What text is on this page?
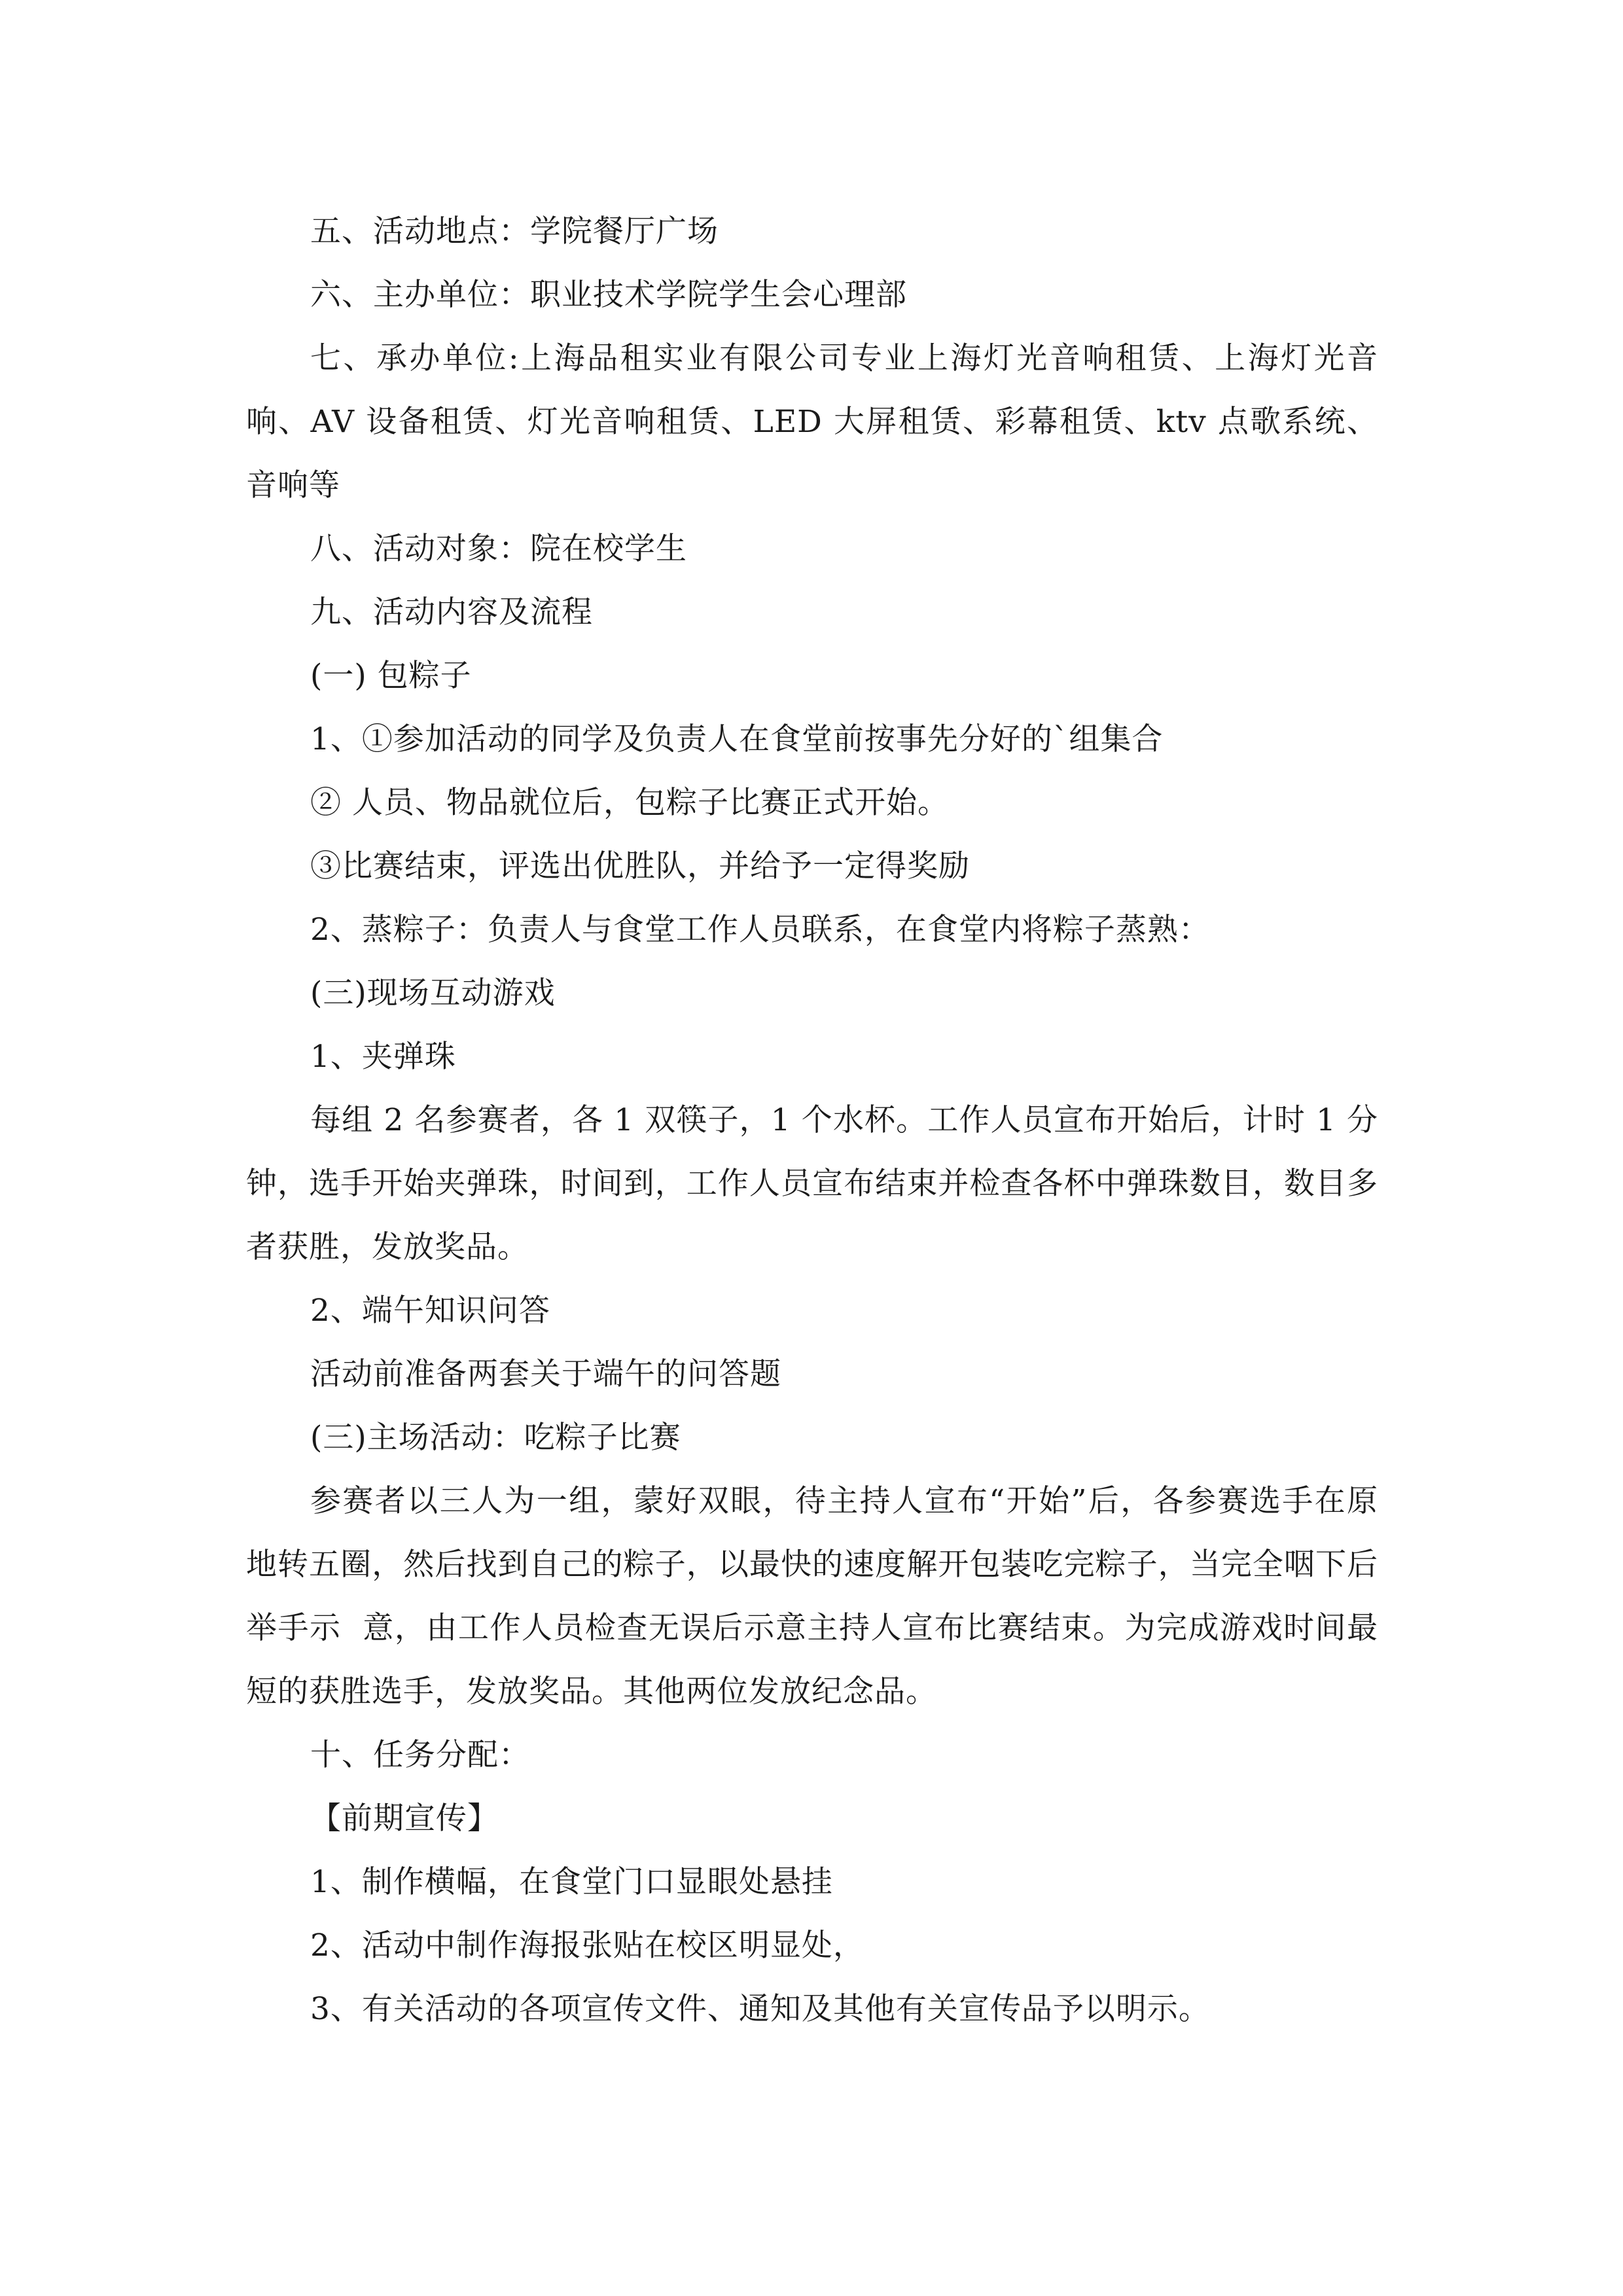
五、活动地点：学院餐厅广场

六、主办单位：职业技术学院学生会心理部

七、承办单位:上海品租实业有限公司专业上海灯光音响租赁、上海灯光音响、AV 设备租赁、灯光音响租赁、LED 大屏租赁、彩幕租赁、ktv 点歌系统、音响等

八、活动对象：院在校学生

九、活动内容及流程

(一) 包粽子

1、①参加活动的同学及负责人在食堂前按事先分好的`组集合

② 人员、物品就位后，包粽子比赛正式开始。

③比赛结束，评选出优胜队，并给予一定得奖励

2、蒸粽子：负责人与食堂工作人员联系，在食堂内将粽子蒸熟：

(三)现场互动游戏

1、夹弹珠

每组 2 名参赛者，各 1 双筷子，1 个水杯。工作人员宣布开始后，计时 1 分钟，选手开始夹弹珠，时间到，工作人员宣布结束并检查各杯中弹珠数目，数目多者获胜，发放奖品。

2、端午知识问答

活动前准备两套关于端午的问答题

(三)主场活动：吃粽子比赛

参赛者以三人为一组，蒙好双眼，待主持人宣布“开始”后，各参赛选手在原地转五圈，然后找到自己的粽子，以最快的速度解开包装吃完粽子，当完全咽下后举手示  意，由工作人员检查无误后示意主持人宣布比赛结束。为完成游戏时间最短的获胜选手，发放奖品。其他两位发放纪念品。

十、任务分配：

【前期宣传】

1、制作横幅，在食堂门口显眼处悬挂

2、活动中制作海报张贴在校区明显处，

3、有关活动的各项宣传文件、通知及其他有关宣传品予以明示。
